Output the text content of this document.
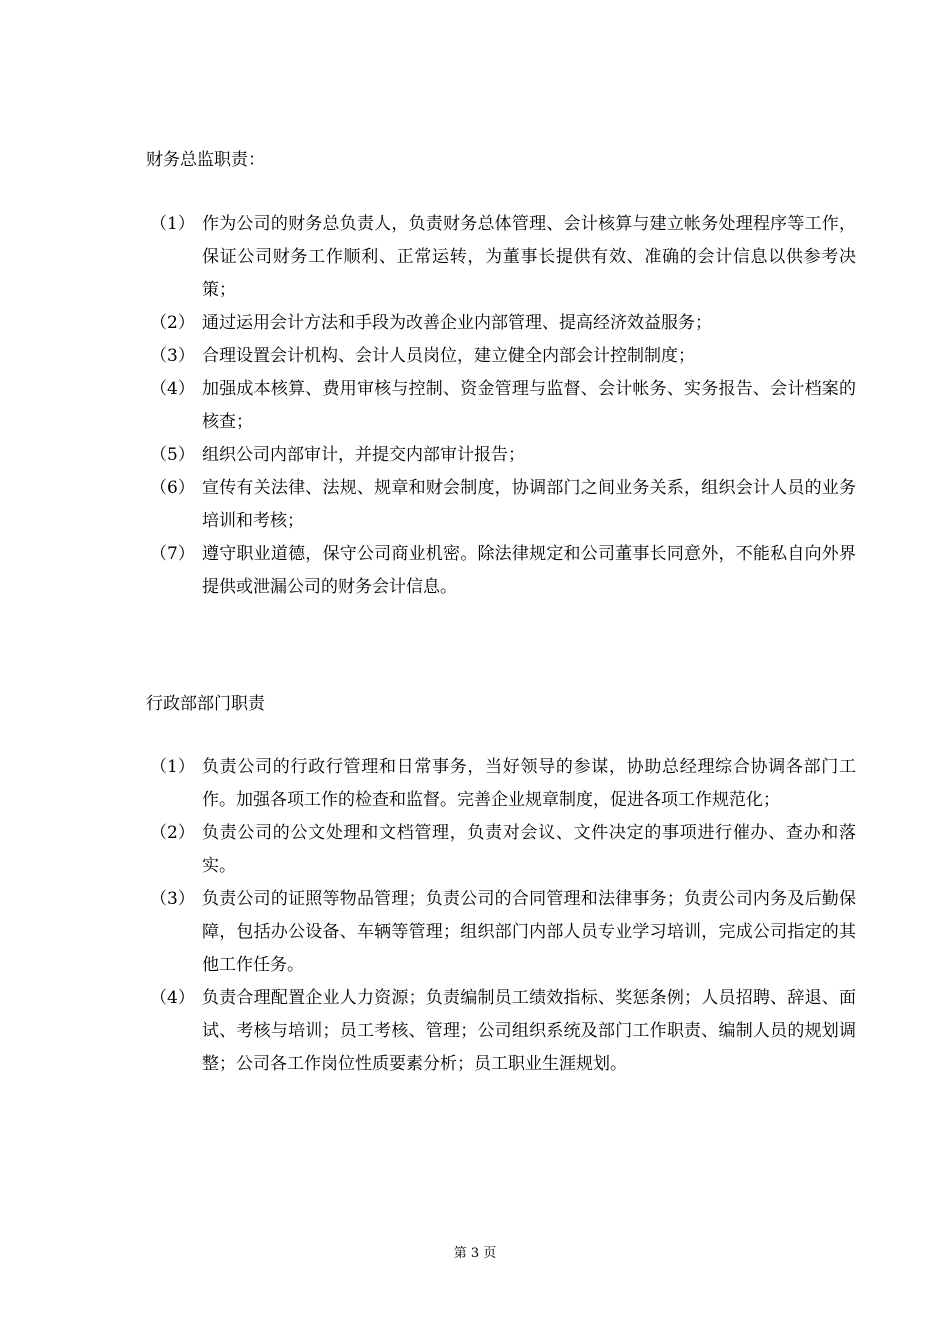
财务总监职责：
（1） 作为公司的财务总负责人，负责财务总体管理、会计核算与建立帐务处理程序等工作，保证公司财务工作顺利、正常运转，为董事长提供有效、准确的会计信息以供参考决策；
（2） 通过运用会计方法和手段为改善企业内部管理、提高经济效益服务；
（3） 合理设置会计机构、会计人员岗位，建立健全内部会计控制制度；
（4） 加强成本核算、费用审核与控制、资金管理与监督、会计帐务、实务报告、会计档案的核查；
（5） 组织公司内部审计，并提交内部审计报告；
（6） 宣传有关法律、法规、规章和财会制度，协调部门之间业务关系，组织会计人员的业务培训和考核；
（7） 遵守职业道德，保守公司商业机密。除法律规定和公司董事长同意外，不能私自向外界提供或泄漏公司的财务会计信息。
行政部部门职责
（1） 负责公司的行政行管理和日常事务，当好领导的参谋，协助总经理综合协调各部门工作。加强各项工作的检查和监督。完善企业规章制度，促进各项工作规范化；
（2） 负责公司的公文处理和文档管理，负责对会议、文件决定的事项进行催办、查办和落实。
（3） 负责公司的证照等物品管理；负责公司的合同管理和法律事务；负责公司内务及后勤保障，包括办公设备、车辆等管理；组织部门内部人员专业学习培训，完成公司指定的其他工作任务。
（4） 负责合理配置企业人力资源；负责编制员工绩效指标、奖惩条例；人员招聘、辞退、面试、考核与培训；员工考核、管理；公司组织系统及部门工作职责、编制人员的规划调整；公司各工作岗位性质要素分析；员工职业生涯规划。
第 3 页
